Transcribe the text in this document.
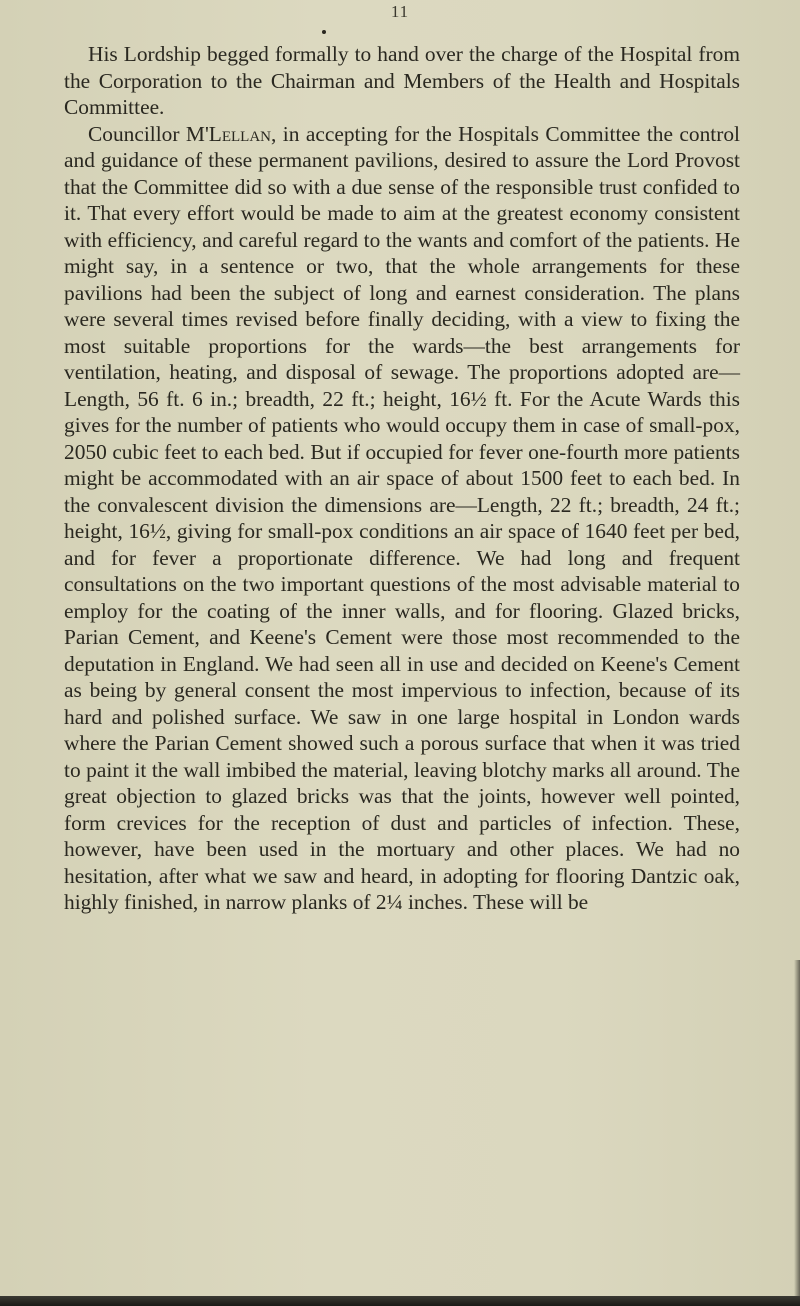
11

His Lordship begged formally to hand over the charge of the Hospital from the Corporation to the Chairman and Members of the Health and Hospitals Committee.

Councillor M'Lellan, in accepting for the Hospitals Committee the control and guidance of these permanent pavilions, desired to assure the Lord Provost that the Committee did so with a due sense of the responsible trust confided to it. That every effort would be made to aim at the greatest economy consistent with efficiency, and careful regard to the wants and comfort of the patients. He might say, in a sentence or two, that the whole arrangements for these pavilions had been the subject of long and earnest consideration. The plans were several times revised before finally deciding, with a view to fixing the most suitable proportions for the wards—the best arrangements for ventilation, heating, and disposal of sewage. The proportions adopted are—Length, 56 ft. 6 in.; breadth, 22 ft.; height, 16½ ft. For the Acute Wards this gives for the number of patients who would occupy them in case of small-pox, 2050 cubic feet to each bed. But if occupied for fever one-fourth more patients might be accommodated with an air space of about 1500 feet to each bed. In the convalescent division the dimensions are—Length, 22 ft.; breadth, 24 ft.; height, 16½, giving for small-pox conditions an air space of 1640 feet per bed, and for fever a proportionate difference. We had long and frequent consultations on the two important questions of the most advisable material to employ for the coating of the inner walls, and for flooring. Glazed bricks, Parian Cement, and Keene's Cement were those most recommended to the deputation in England. We had seen all in use and decided on Keene's Cement as being by general consent the most impervious to infection, because of its hard and polished surface. We saw in one large hospital in London wards where the Parian Cement showed such a porous surface that when it was tried to paint it the wall imbibed the material, leaving blotchy marks all around. The great objection to glazed bricks was that the joints, however well pointed, form crevices for the reception of dust and particles of infection. These, however, have been used in the mortuary and other places. We had no hesitation, after what we saw and heard, in adopting for flooring Dantzic oak, highly finished, in narrow planks of 2¼ inches. These will be
